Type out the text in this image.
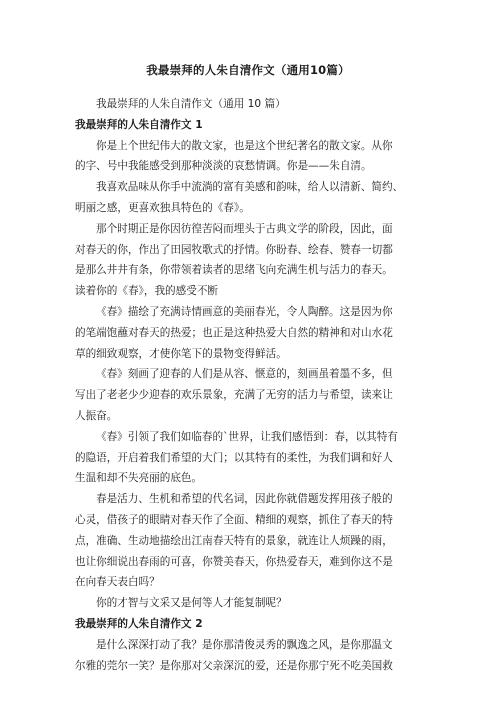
我最崇拜的人朱自清作文（通用10篇）
我最崇拜的人朱自清作文（通用 10 篇）
我最崇拜的人朱自清作文 1
你是上个世纪伟大的散文家，也是这个世纪著名的散文家。从你
的字、号中我能感受到那种淡淡的哀愁情调。你是——朱自清。
我喜欢品味从你手中流淌的富有美感和韵味，给人以清新、简约、
明丽之感，更喜欢独具特色的《春》。
那个时期正是你因彷徨苦闷而埋头于古典文学的阶段，因此，面
对春天的你，作出了田园牧歌式的抒情。你盼春、绘春、赞春一切都
是那么井井有条，你带领着读者的思绪飞向充满生机与活力的春天。
读着你的《春》，我的感受不断
《春》描绘了充满诗情画意的美丽春光，令人陶醉。这是因为你
的笔端饱蘸对春天的热爱；也正是这种热爱大自然的精神和对山水花
草的细致观察，才使你笔下的景物变得鲜活。
《春》刻画了迎春的人们是从容、惬意的，刻画虽着墨不多，但
写出了老老少少迎春的欢乐景象，充满了无穷的活力与希望，读来让
人振奋。
《春》引领了我们如临春的`世界，让我们感悟到：春，以其特有
的隐语，开启着我们希望的大门；以其特有的柔性，为我们调和好人
生温和却不失亮丽的底色。
春是活力、生机和希望的代名词，因此你就借题发挥用孩子般的
心灵，借孩子的眼睛对春天作了全面、精细的观察，抓住了春天的特
点，准确、生动地描绘出江南春天特有的景象，就连让人烦躁的雨，
也让你细说出春雨的可喜，你赞美春天，你热爱春天，难到你这不是
在向春天表白吗？
你的才智与文采又是何等人才能复制呢？
我最崇拜的人朱自清作文 2
是什么深深打动了我？是你那清俊灵秀的飘逸之风，是你那温文
尔雅的莞尔一笑？是你那对父亲深沉的爱，还是你那宁死不吃美国救
